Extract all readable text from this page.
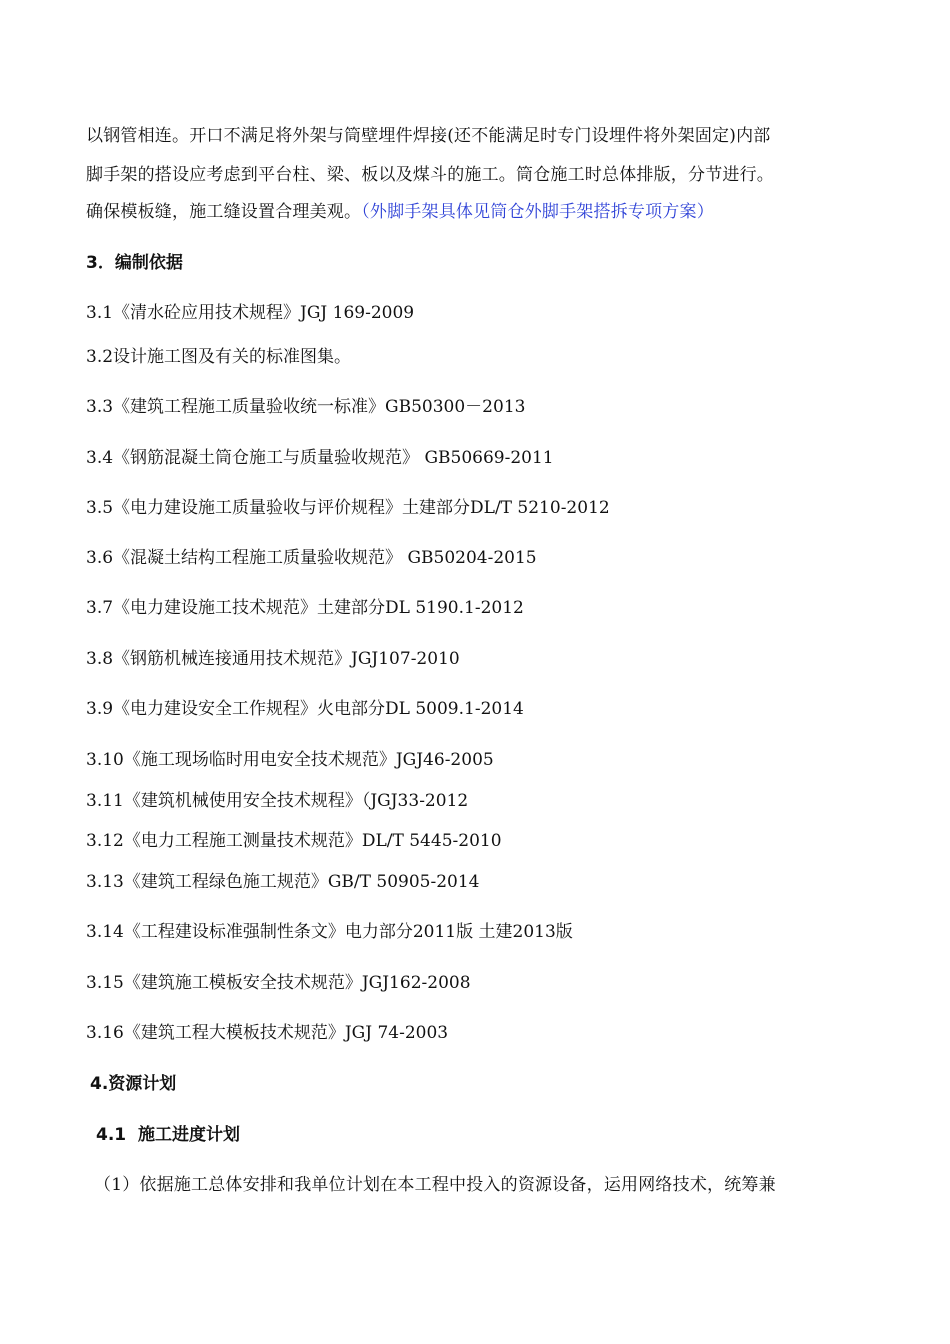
以钢管相连。开口不满足将外架与筒壁埋件焊接(还不能满足时专门设埋件将外架固定)内部
脚手架的搭设应考虑到平台柱、梁、板以及煤斗的施工。筒仓施工时总体排版，分节进行。
确保模板缝，施工缝设置合理美观。（外脚手架具体见筒仓外脚手架搭拆专项方案）
3．编制依据
3.1《清水砼应用技术规程》JGJ 169-2009
3.2设计施工图及有关的标准图集。
3.3《建筑工程施工质量验收统一标准》GB50300－2013
3.4《钢筋混凝土筒仓施工与质量验收规范》 GB50669-2011
3.5《电力建设施工质量验收与评价规程》土建部分DL/T 5210-2012
3.6《混凝土结构工程施工质量验收规范》 GB50204-2015
3.7《电力建设施工技术规范》土建部分DL 5190.1-2012
3.8《钢筋机械连接通用技术规范》JGJ107-2010
3.9《电力建设安全工作规程》火电部分DL 5009.1-2014
3.10《施工现场临时用电安全技术规范》JGJ46-2005
3.11《建筑机械使用安全技术规程》（JGJ33-2012
3.12《电力工程施工测量技术规范》DL/T 5445-2010
3.13《建筑工程绿色施工规范》GB/T 50905-2014
3.14《工程建设标准强制性条文》电力部分2011版 土建2013版
3.15《建筑施工模板安全技术规范》JGJ162-2008
3.16《建筑工程大模板技术规范》JGJ 74-2003
4.资源计划
4.1  施工进度计划
（1）依据施工总体安排和我单位计划在本工程中投入的资源设备，运用网络技术，统筹兼
